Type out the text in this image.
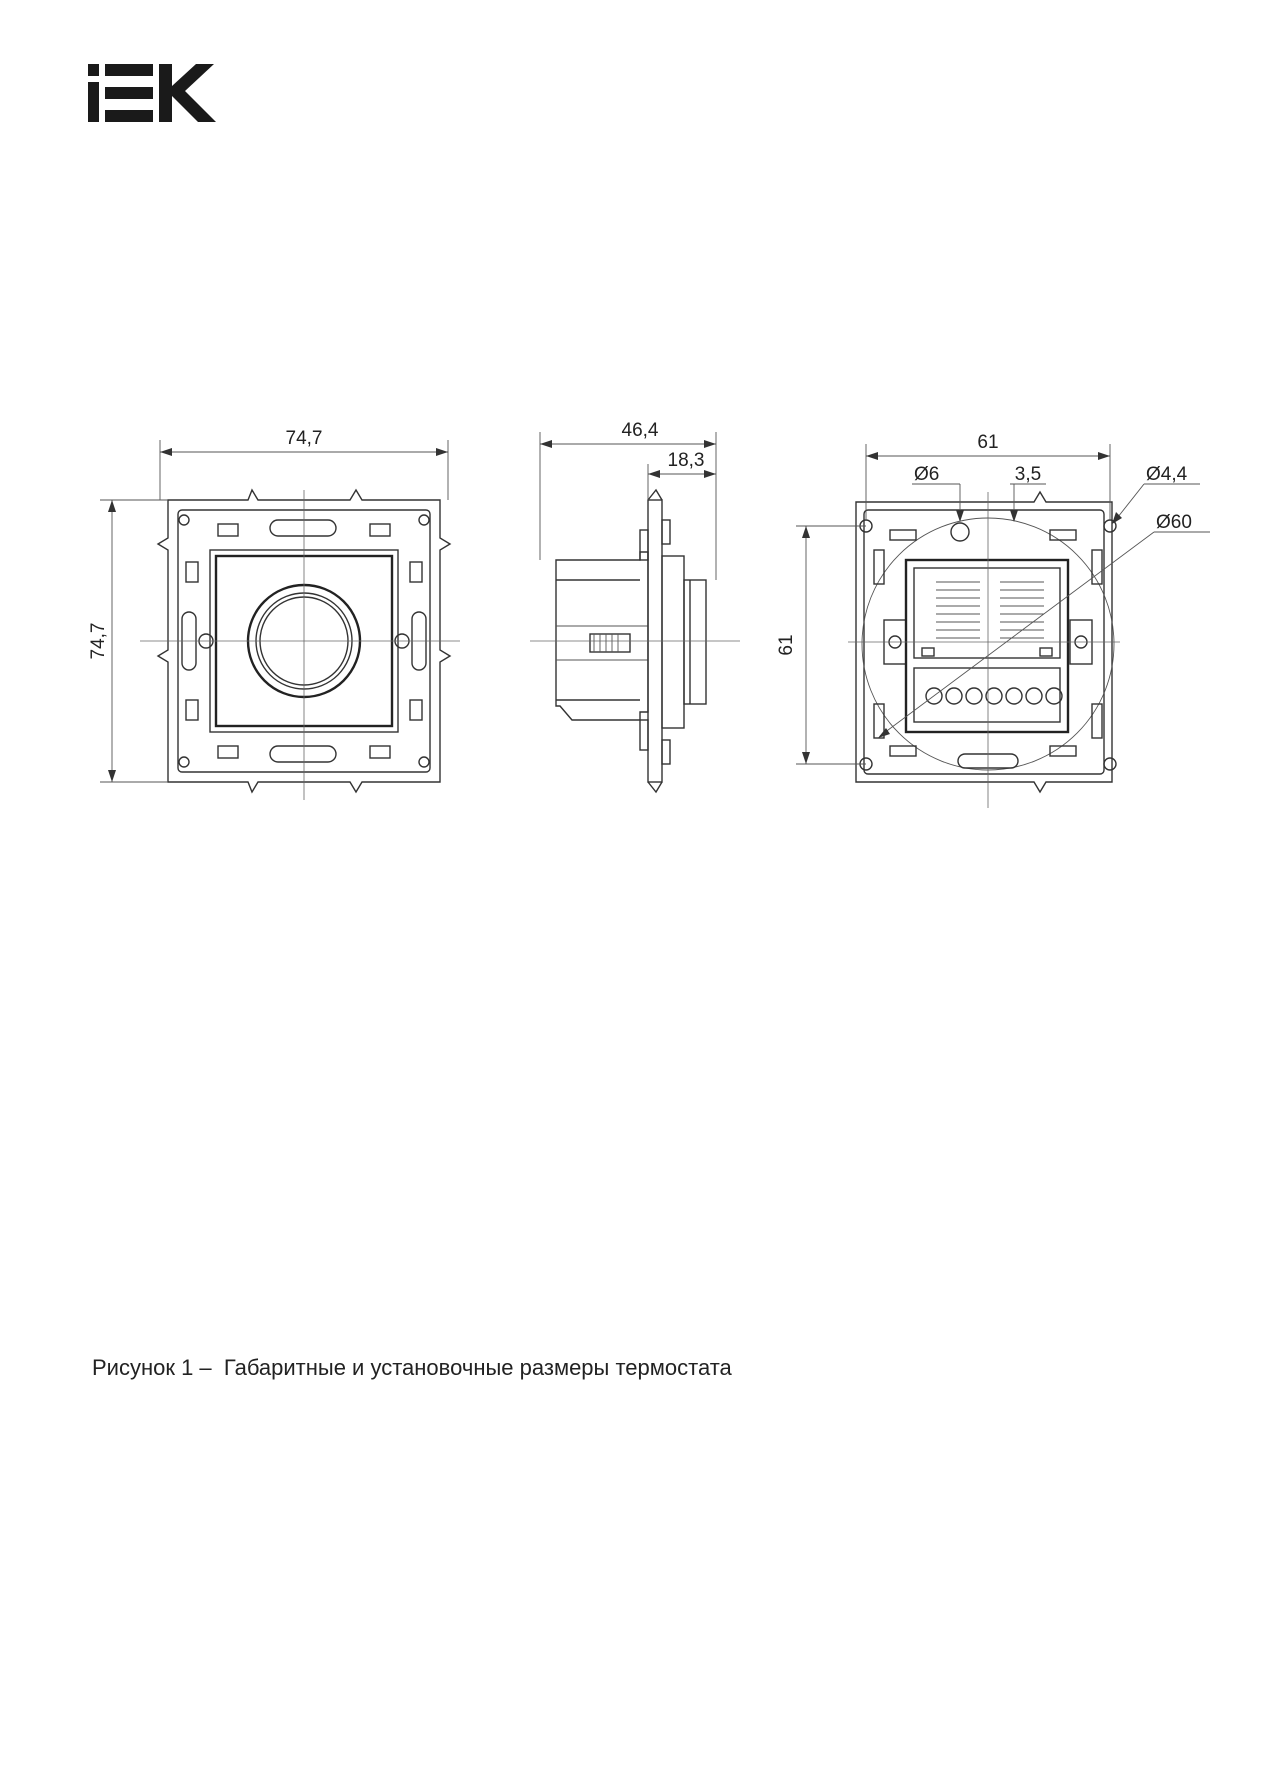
74,7
74,7
46,4
18,3
61
61
Ø6	3,5	Ø4,4
Ø60
Рисунок 1 – Габаритные и установочные размеры термостата
